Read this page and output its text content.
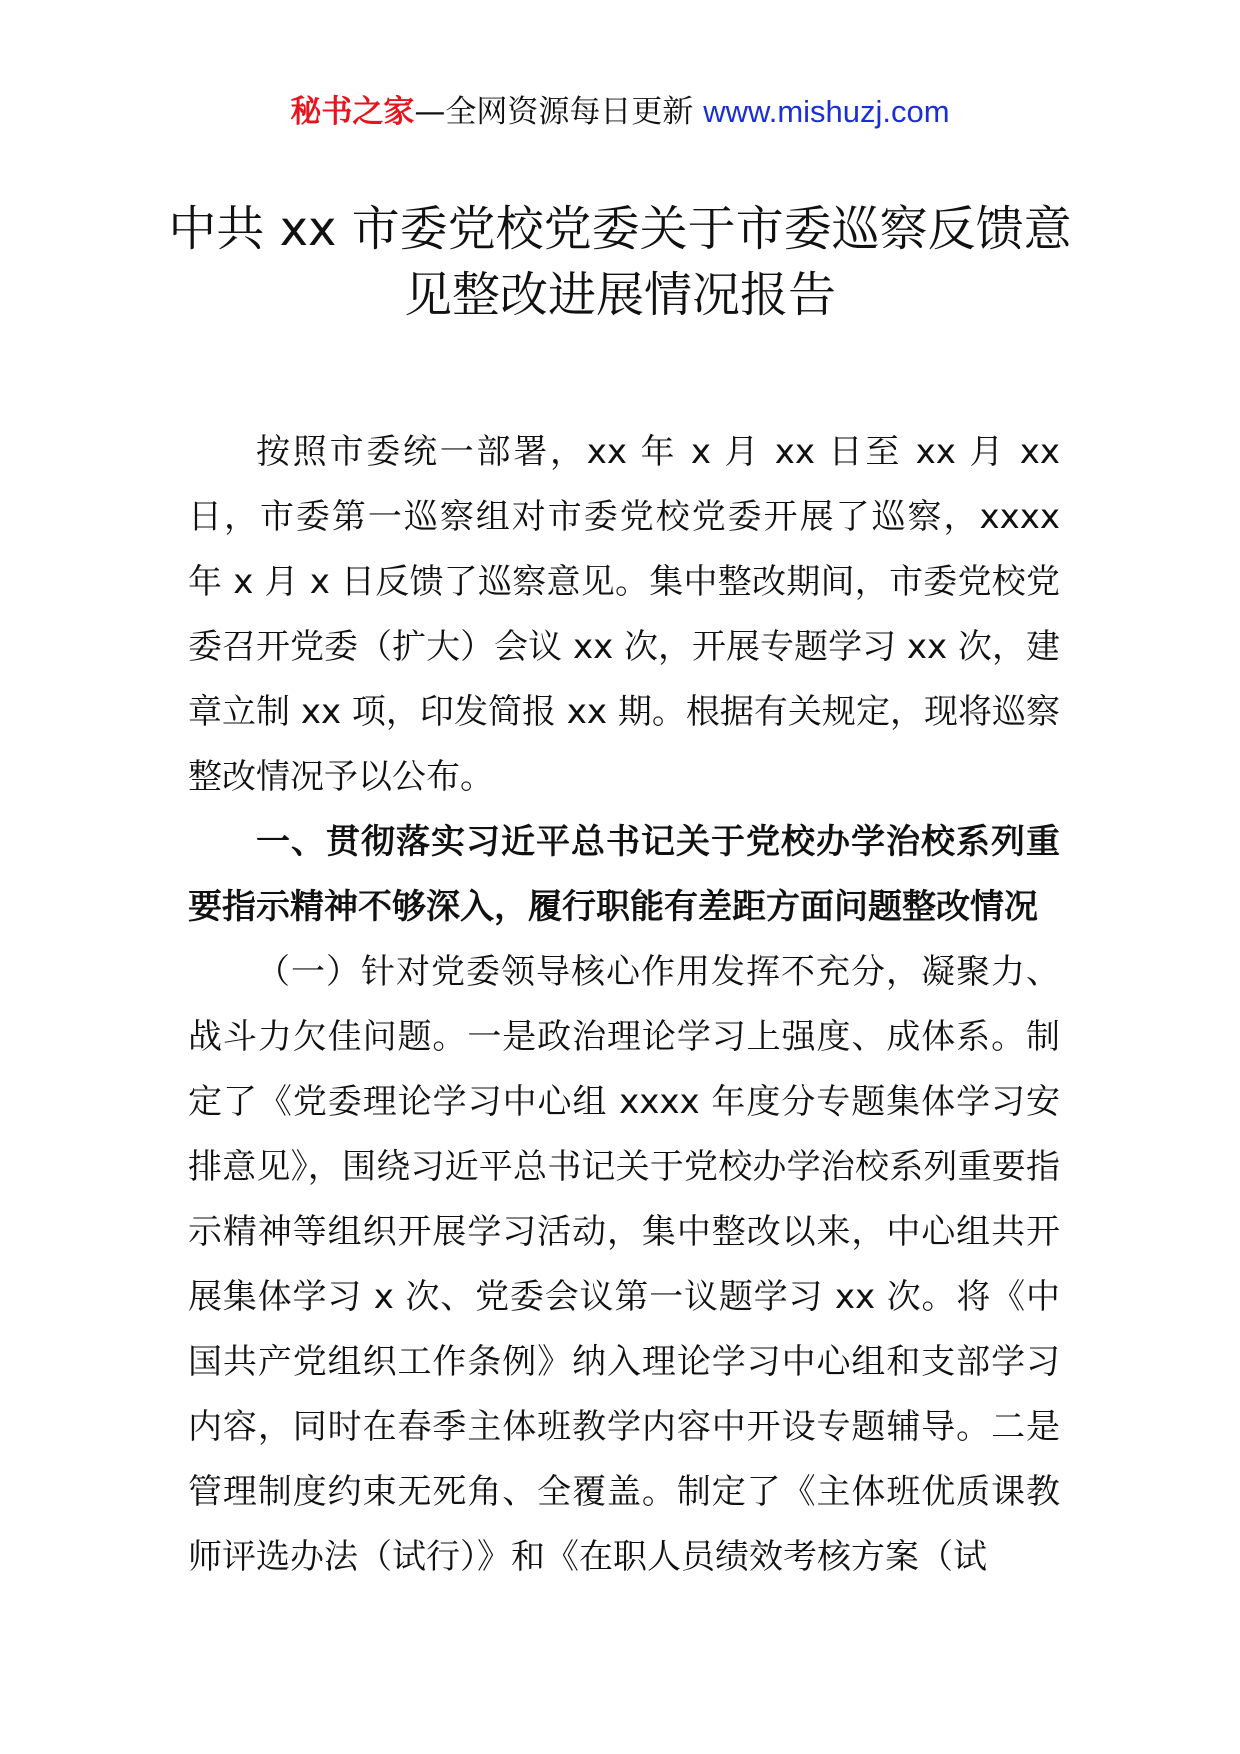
秘书之家—全网资源每日更新 www.mishuzj.com
中共 xx 市委党校党委关于市委巡察反馈意
见整改进展情况报告

按照市委统一部署，xx 年 x 月 xx 日至 xx 月 xx 日，市委第一巡察组对市委党校党委开展了巡察，xxxx 年 x 月 x 日反馈了巡察意见。集中整改期间，市委党校党委召开党委（扩大）会议 xx 次，开展专题学习 xx 次，建章立制 xx 项，印发简报 xx 期。根据有关规定，现将巡察整改情况予以公布。

一、贯彻落实习近平总书记关于党校办学治校系列重要指示精神不够深入，履行职能有差距方面问题整改情况

（一）针对党委领导核心作用发挥不充分，凝聚力、战斗力欠佳问题。一是政治理论学习上强度、成体系。制定了《党委理论学习中心组 xxxx 年度分专题集体学习安排意见》，围绕习近平总书记关于党校办学治校系列重要指示精神等组织开展学习活动，集中整改以来，中心组共开展集体学习 x 次、党委会议第一议题学习 xx 次。将《中国共产党组织工作条例》纳入理论学习中心组和支部学习内容，同时在春季主体班教学内容中开设专题辅导。二是管理制度约束无死角、全覆盖。制定了《主体班优质课教师评选办法（试行）》和《在职人员绩效考核方案（试
